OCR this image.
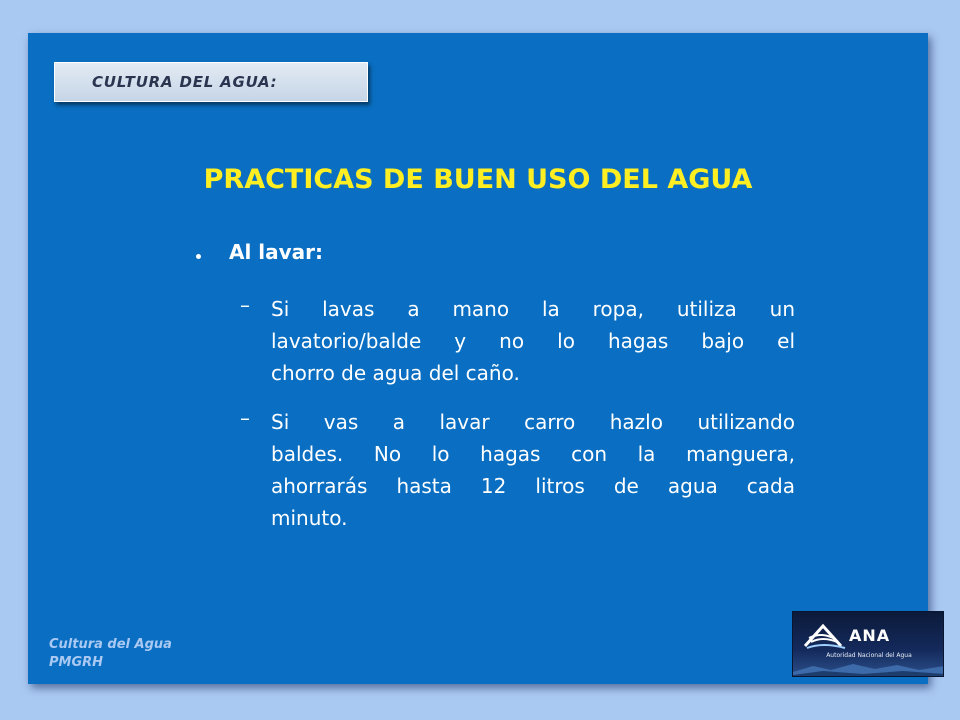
CULTURA DEL AGUA:
PRACTICAS DE BUEN USO DEL AGUA
Al lavar:
– Si lavas a mano la ropa, utiliza un
lavatorio/balde y no lo hagas bajo el
chorro de agua del caño.

– Si vas a lavar carro hazlo utilizando
baldes. No lo hagas con la manguera,
ahorrarás hasta 12 litros de agua cada
minuto.

Cultura del Agua
PMGRH
ANA
Autoridad Nacional del Agua
